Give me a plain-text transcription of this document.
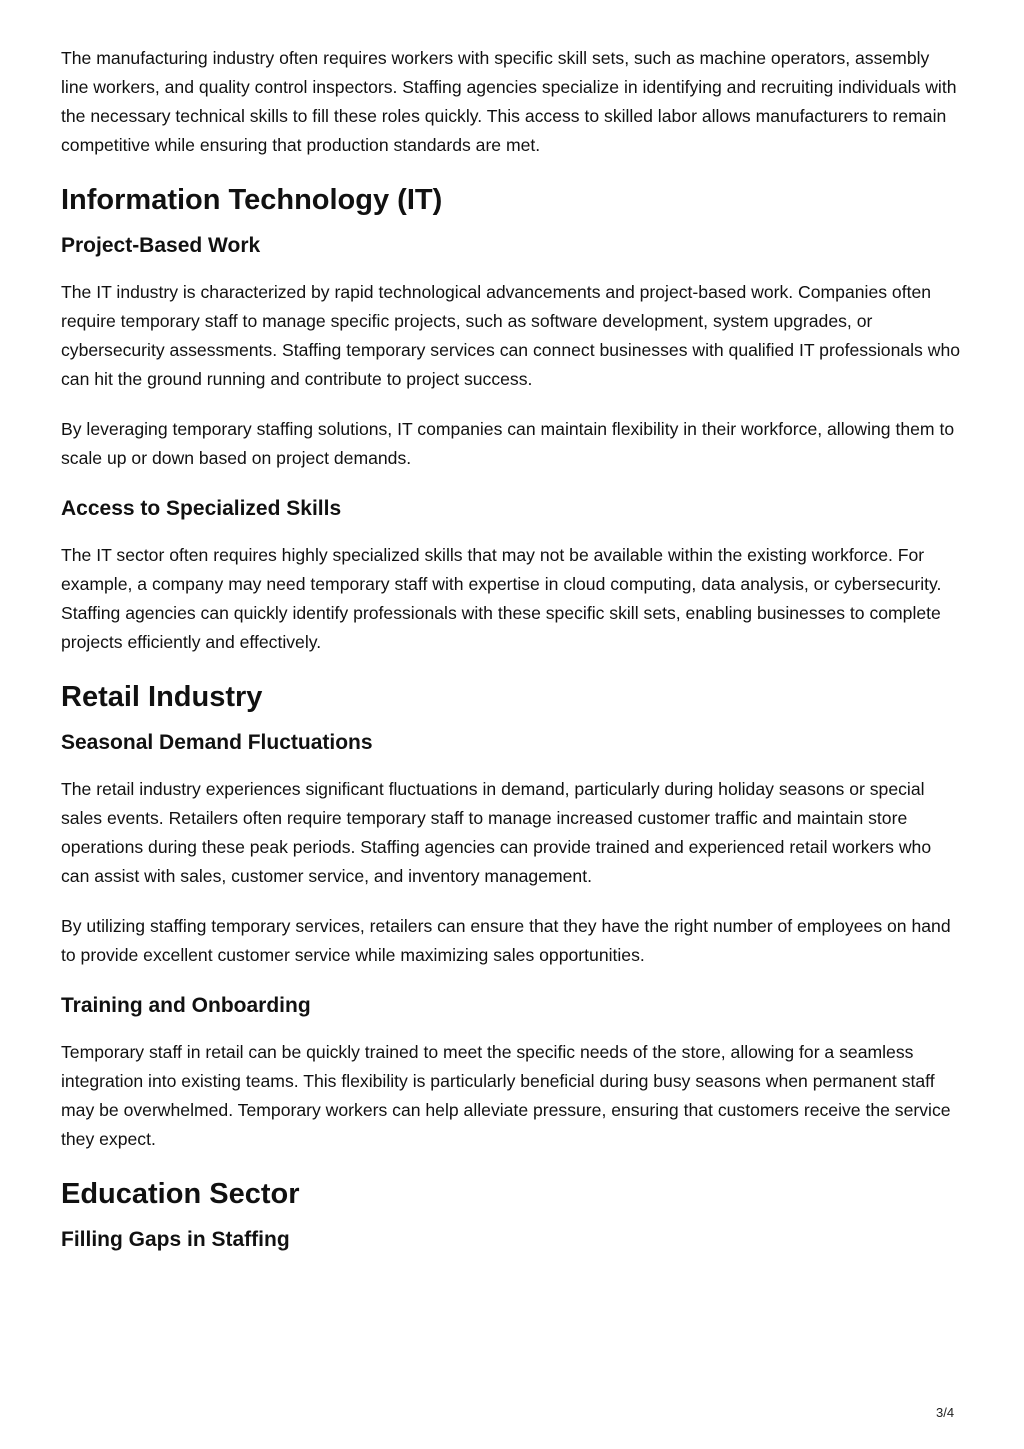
The manufacturing industry often requires workers with specific skill sets, such as machine operators, assembly line workers, and quality control inspectors. Staffing agencies specialize in identifying and recruiting individuals with the necessary technical skills to fill these roles quickly. This access to skilled labor allows manufacturers to remain competitive while ensuring that production standards are met.

Information Technology (IT)
Project-Based Work

The IT industry is characterized by rapid technological advancements and project-based work. Companies often require temporary staff to manage specific projects, such as software development, system upgrades, or cybersecurity assessments. Staffing temporary services can connect businesses with qualified IT professionals who can hit the ground running and contribute to project success.

By leveraging temporary staffing solutions, IT companies can maintain flexibility in their workforce, allowing them to scale up or down based on project demands.

Access to Specialized Skills

The IT sector often requires highly specialized skills that may not be available within the existing workforce. For example, a company may need temporary staff with expertise in cloud computing, data analysis, or cybersecurity. Staffing agencies can quickly identify professionals with these specific skill sets, enabling businesses to complete projects efficiently and effectively.

Retail Industry
Seasonal Demand Fluctuations

The retail industry experiences significant fluctuations in demand, particularly during holiday seasons or special sales events. Retailers often require temporary staff to manage increased customer traffic and maintain store operations during these peak periods. Staffing agencies can provide trained and experienced retail workers who can assist with sales, customer service, and inventory management.

By utilizing staffing temporary services, retailers can ensure that they have the right number of employees on hand to provide excellent customer service while maximizing sales opportunities.

Training and Onboarding

Temporary staff in retail can be quickly trained to meet the specific needs of the store, allowing for a seamless integration into existing teams. This flexibility is particularly beneficial during busy seasons when permanent staff may be overwhelmed. Temporary workers can help alleviate pressure, ensuring that customers receive the service they expect.

Education Sector
Filling Gaps in Staffing
3/4
